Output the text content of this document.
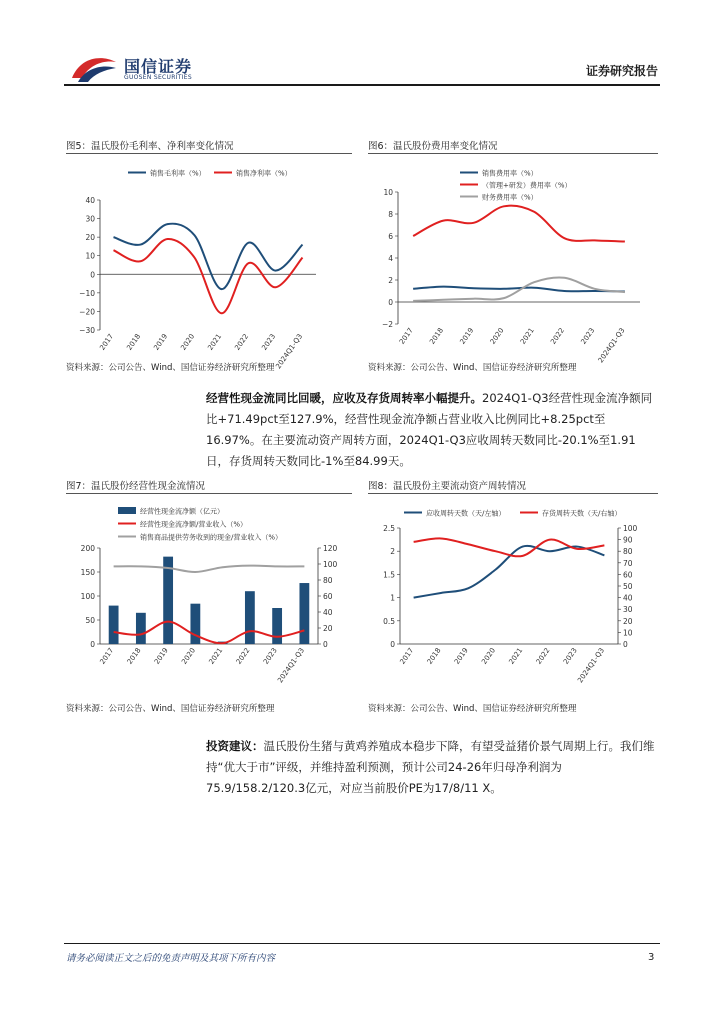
国信证券
GUOSEN SECURITIES	证券研究报告
图5：温氏股份毛利率、净利率变化情况
40
30
20
10
0
−10
−20
−30
2017 2018 2019 2020 2021 2022 2023
2024Q1-Q3
销售毛利率（%）	销售净利率（%）
资料来源：公司公告、Wind、国信证券经济研究所整理
图6：温氏股份费用率变化情况
10
8
6
4
2
0
−2
2017 2018 2019 2020 2021 2022 2023 2024Q1-Q3
销售费用率（%）
（管理+研发）费用率（%）
财务费用率（%）
资料来源：公司公告、Wind、国信证券经济研究所整理
经营性现金流同比回暖，应收及存货周转率小幅提升。2024Q1-Q3经营性现金流净额同比+71.49pct至127.9%，经营性现金流净额占营业收入比例同比+8.25pct至16.97%。在主要流动资产周转方面，2024Q1-Q3应收周转天数同比-20.1%至1.91日，存货周转天数同比-1%至84.99天。
图7：温氏股份经营性现金流情况
200
150
100
50
0
120
100
80
60
40
20
0
2017 2018 2019 2020 2021 2022 2023
2024Q1-Q3
经营性现金流净额（亿元）
经营性现金流净额/营业收入（%）
销售商品提供劳务收到的现金/营业收入（%）
资料来源：公司公告、Wind、国信证券经济研究所整理
图8：温氏股份主要流动资产周转情况
2.5
2
1.5
1
0.5
0
100
90
80
70
60
50
40
30
20
10
0
2017 2018 2019 2020 2021 2022 2023
2024Q1-Q3
应收周转天数（天/左轴）	存货周转天数（天/右轴）
资料来源：公司公告、Wind、国信证券经济研究所整理
投资建议：温氏股份生猪与黄鸡养殖成本稳步下降，有望受益猪价景气周期上行。我们维持“优大于市”评级，并维持盈利预测，预计公司24-26年归母净利润为75.9/158.2/120.3亿元，对应当前股价PE为17/8/11 X。
请务必阅读正文之后的免责声明及其项下所有内容	3
